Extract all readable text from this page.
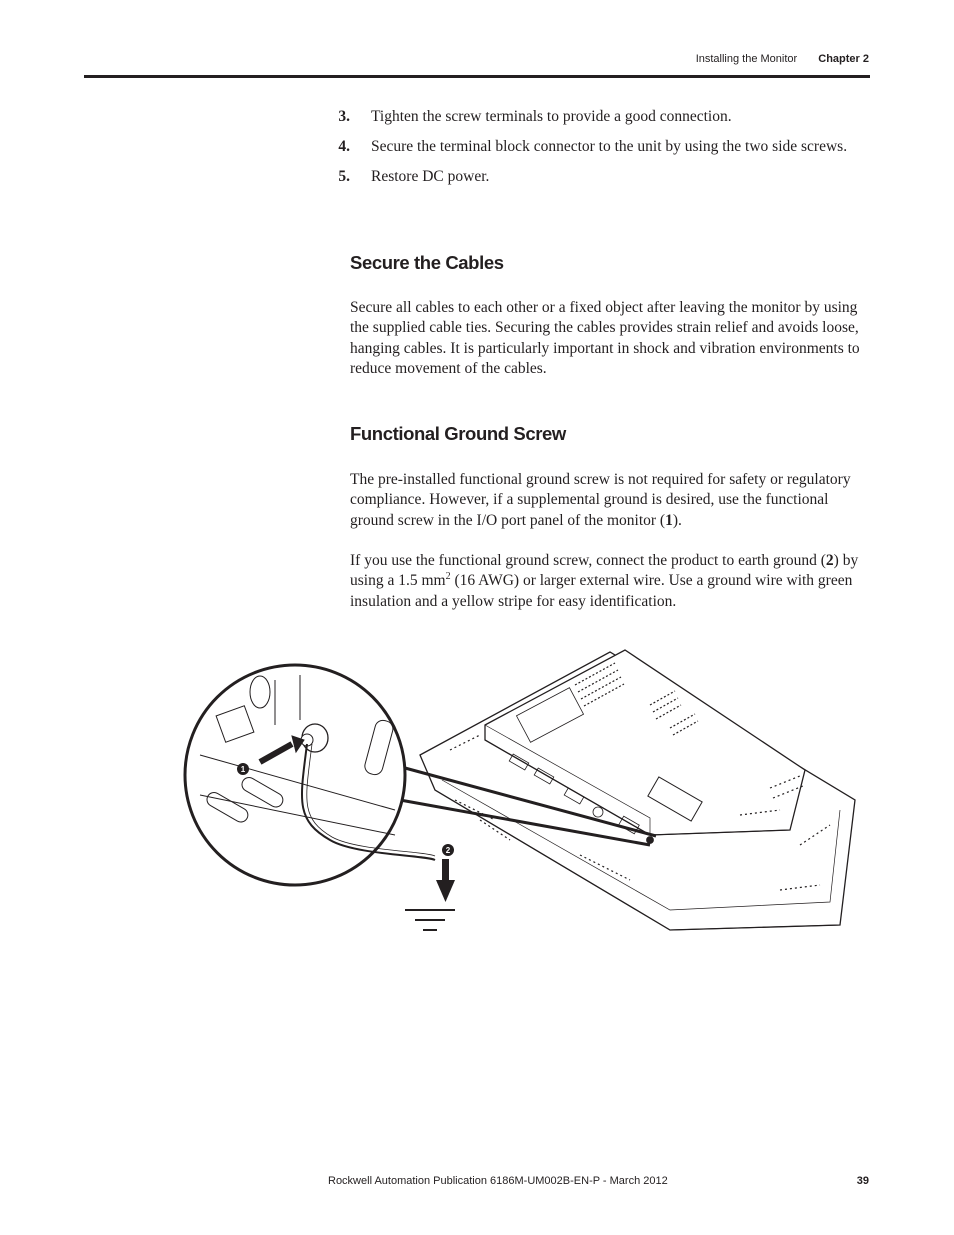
Installing the Monitor Chapter 2
3. Tighten the screw terminals to provide a good connection.
4. Secure the terminal block connector to the unit by using the two side screws.
5. Restore DC power.
Secure the Cables
Secure all cables to each other or a fixed object after leaving the monitor by using the supplied cable ties. Securing the cables provides strain relief and avoids loose, hanging cables. It is particularly important in shock and vibration environments to reduce movement of the cables.
Functional Ground Screw
The pre-installed functional ground screw is not required for safety or regulatory compliance. However, if a supplemental ground is desired, use the functional ground screw in the I/O port panel of the monitor (1).
If you use the functional ground screw, connect the product to earth ground (2) by using a 1.5 $mm^2$ (16 AWG) or larger external wire. Use a ground wire with green insulation and a yellow stripe for easy identification.
1
2
Rockwell Automation Publication 6186M-UM002B-EN-P - March 2012	39
